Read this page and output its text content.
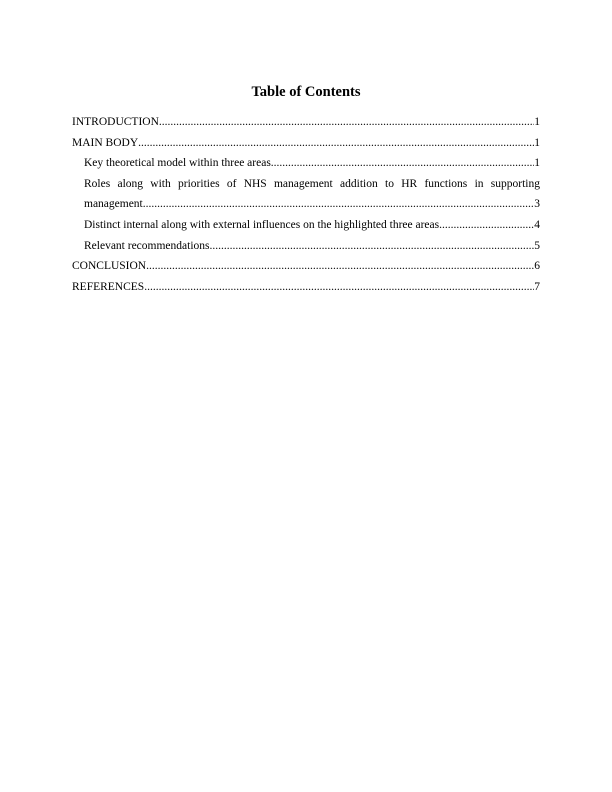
Table of Contents
INTRODUCTION .....	1
MAIN BODY .....	1
Key theoretical model within three areas .....	1
Roles along with priorities of NHS management addition to HR functions in supporting
management .....	3
Distinct internal along with external influences on the highlighted three areas .....	4
Relevant recommendations .....	5
CONCLUSION .....	6
REFERENCES .....	7
